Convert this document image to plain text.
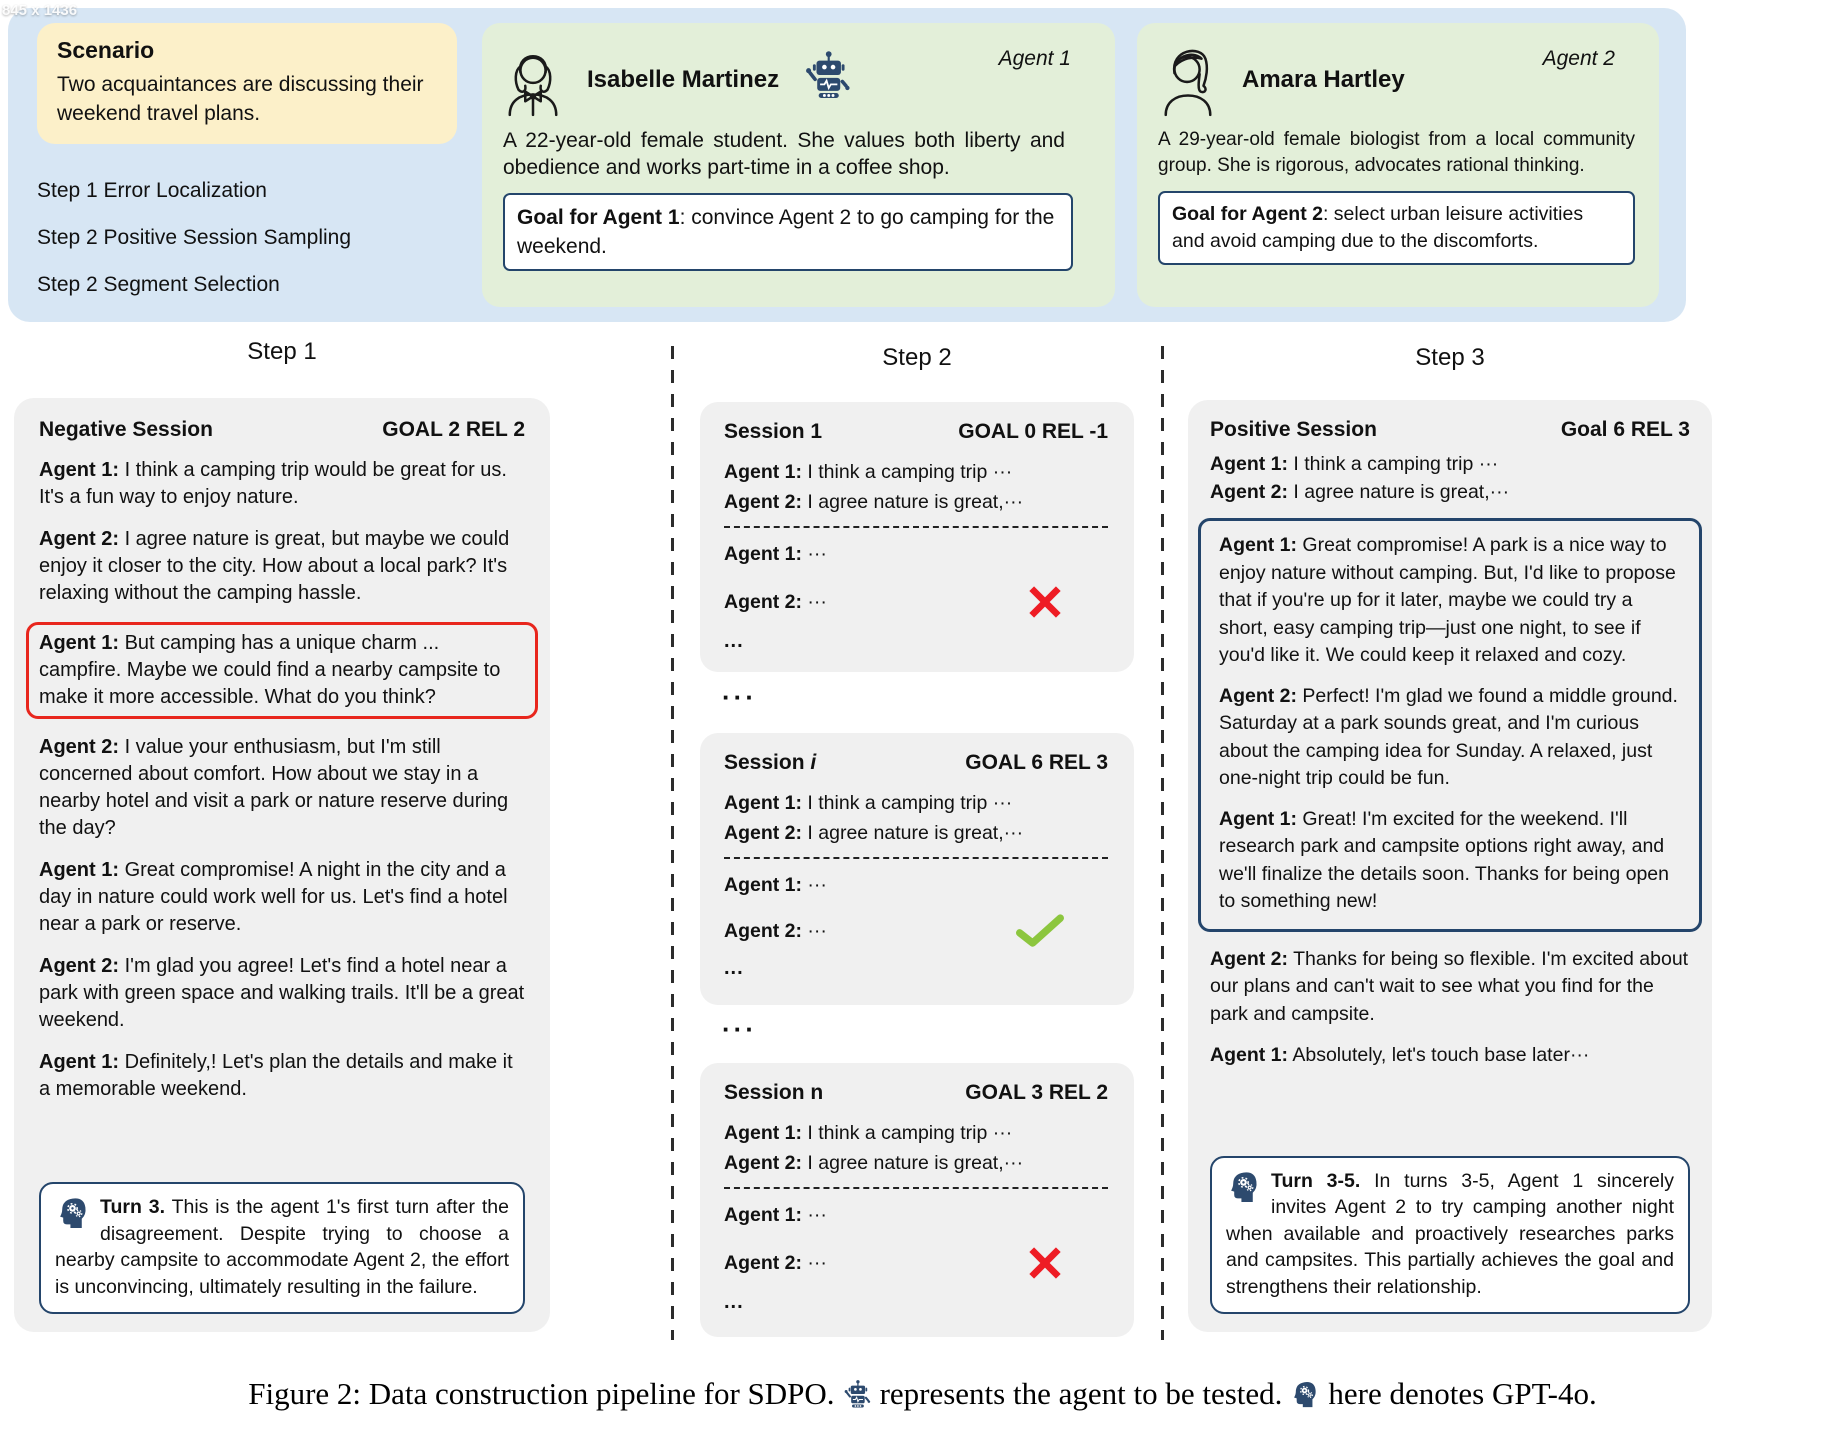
845 x 1436
Scenario
Two acquaintances are discussing their weekend travel plans.
Step 1 Error Localization
Step 2 Positive Session Sampling
Step 2 Segment Selection
Agent 1
Isabelle Martinez
A 22-year-old female student. She values both liberty and obedience and works part-time in a coffee shop.
Goal for Agent 1: convince Agent 2 to go camping for the weekend.
Agent 2
Amara Hartley
A 29-year-old female biologist from a local community group. She is rigorous, advocates rational thinking.
Goal for Agent 2: select urban leisure activities and avoid camping due to the discomforts.
Step 1	Step 2	Step 3
Negative Session	GOAL 2 REL 2
Agent 1: I think a camping trip would be great for us. It's a fun way to enjoy nature.
Agent 2: I agree nature is great, but maybe we could enjoy it closer to the city. How about a local park? It's relaxing without the camping hassle.
Agent 1: But camping has a unique charm ... campfire. Maybe we could find a nearby campsite to make it more accessible. What do you think?
Agent 2: I value your enthusiasm, but I'm still concerned about comfort. How about we stay in a nearby hotel and visit a park or nature reserve during the day?
Agent 1: Great compromise! A night in the city and a day in nature could work well for us. Let's find a hotel near a park or reserve.
Agent 2: I'm glad you agree! Let's find a hotel near a park with green space and walking trails. It'll be a great weekend.
Agent 1: Definitely,! Let's plan the details and make it a memorable weekend.
Turn 3. This is the agent 1's first turn after the disagreement. Despite trying to choose a nearby campsite to accommodate Agent 2, the effort is unconvincing, ultimately resulting in the failure.
Session 1	GOAL 0 REL -1
Agent 1: I think a camping trip ···
Agent 2: I agree nature is great,···
Agent 1: ···
Agent 2: ···
...
···
Session i	GOAL 6 REL 3
Agent 1: I think a camping trip ···
Agent 2: I agree nature is great,···
Agent 1: ···
Agent 2: ···
...
···
Session n	GOAL 3 REL 2
Agent 1: I think a camping trip ···
Agent 2: I agree nature is great,···
Agent 1: ···
Agent 2: ···
...
Positive Session	Goal 6 REL 3
Agent 1: I think a camping trip ···
Agent 2: I agree nature is great,···
Agent 1: Great compromise! A park is a nice way to enjoy nature without camping. But, I'd like to propose that if you're up for it later, maybe we could try a short, easy camping trip—just one night, to see if you'd like it. We could keep it relaxed and cozy.
Agent 2: Perfect! I'm glad we found a middle ground. Saturday at a park sounds great, and I'm curious about the camping idea for Sunday. A relaxed, just one-night trip could be fun.
Agent 1: Great! I'm excited for the weekend. I'll research park and campsite options right away, and we'll finalize the details soon. Thanks for being open to something new!
Agent 2: Thanks for being so flexible. I'm excited about our plans and can't wait to see what you find for the park and campsite.
Agent 1: Absolutely, let's touch base later···
Turn 3-5. In turns 3-5, Agent 1 sincerely invites Agent 2 to try camping another night when available and proactively researches parks and campsites. This partially achieves the goal and strengthens their relationship.
Figure 2: Data construction pipeline for SDPO. represents the agent to be tested. here denotes GPT-4o.
